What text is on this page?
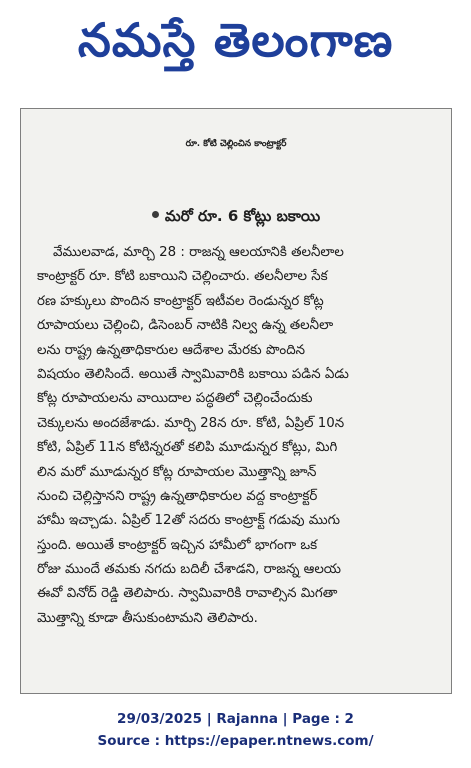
నమస్తే తెలంగాణ
రూ. కోటి చెల్లించిన కాంట్రాక్టర్
మరో రూ. 6 కోట్లు బకాయి
వేములవాడ, మార్చి 28 : రాజన్న ఆలయానికి తలనీలాల
కాంట్రాక్టర్ రూ. కోటి బకాయిని చెల్లించారు. తలనీలాల సేక
రణ హక్కులు పొందిన కాంట్రాక్టర్ ఇటీవల రెండున్నర కోట్ల
రూపాయలు చెల్లించి, డిసెంబర్ నాటికి నిల్వ ఉన్న తలనీలా
లను రాష్ట్ర ఉన్నతాధికారుల ఆదేశాల మేరకు పొందిన
విషయం తెలిసిందే. అయితే స్వామివారికి బకాయి పడిన ఏడు
కోట్ల రూపాయలను వాయిదాల పద్ధతిలో చెల్లించేందుకు
చెక్కులను అందజేశాడు. మార్చి 28న రూ. కోటి, ఏప్రిల్ 10న
కోటి, ఏప్రిల్ 11న కోటిన్నరతో కలిపి మూడున్నర కోట్లు, మిగి
లిన మరో మూడున్నర కోట్ల రూపాయల మొత్తాన్ని జూన్
నుంచి చెల్లిస్తానని రాష్ట్ర ఉన్నతాధికారుల వద్ద కాంట్రాక్టర్
హామీ ఇచ్చాడు. ఏప్రిల్ 12తో సదరు కాంట్రాక్ట్ గడువు ముగు
స్తుంది. అయితే కాంట్రాక్టర్ ఇచ్చిన హామీలో భాగంగా ఒక
రోజు ముందే తమకు నగదు బదిలీ చేశాడని, రాజన్న ఆలయ
ఈవో వినోద్ రెడ్డి తెలిపారు. స్వామివారికి రావాల్సిన మిగతా
మొత్తాన్ని కూడా తీసుకుంటామని తెలిపారు.
29/03/2025 | Rajanna | Page : 2
Source : https://epaper.ntnews.com/
